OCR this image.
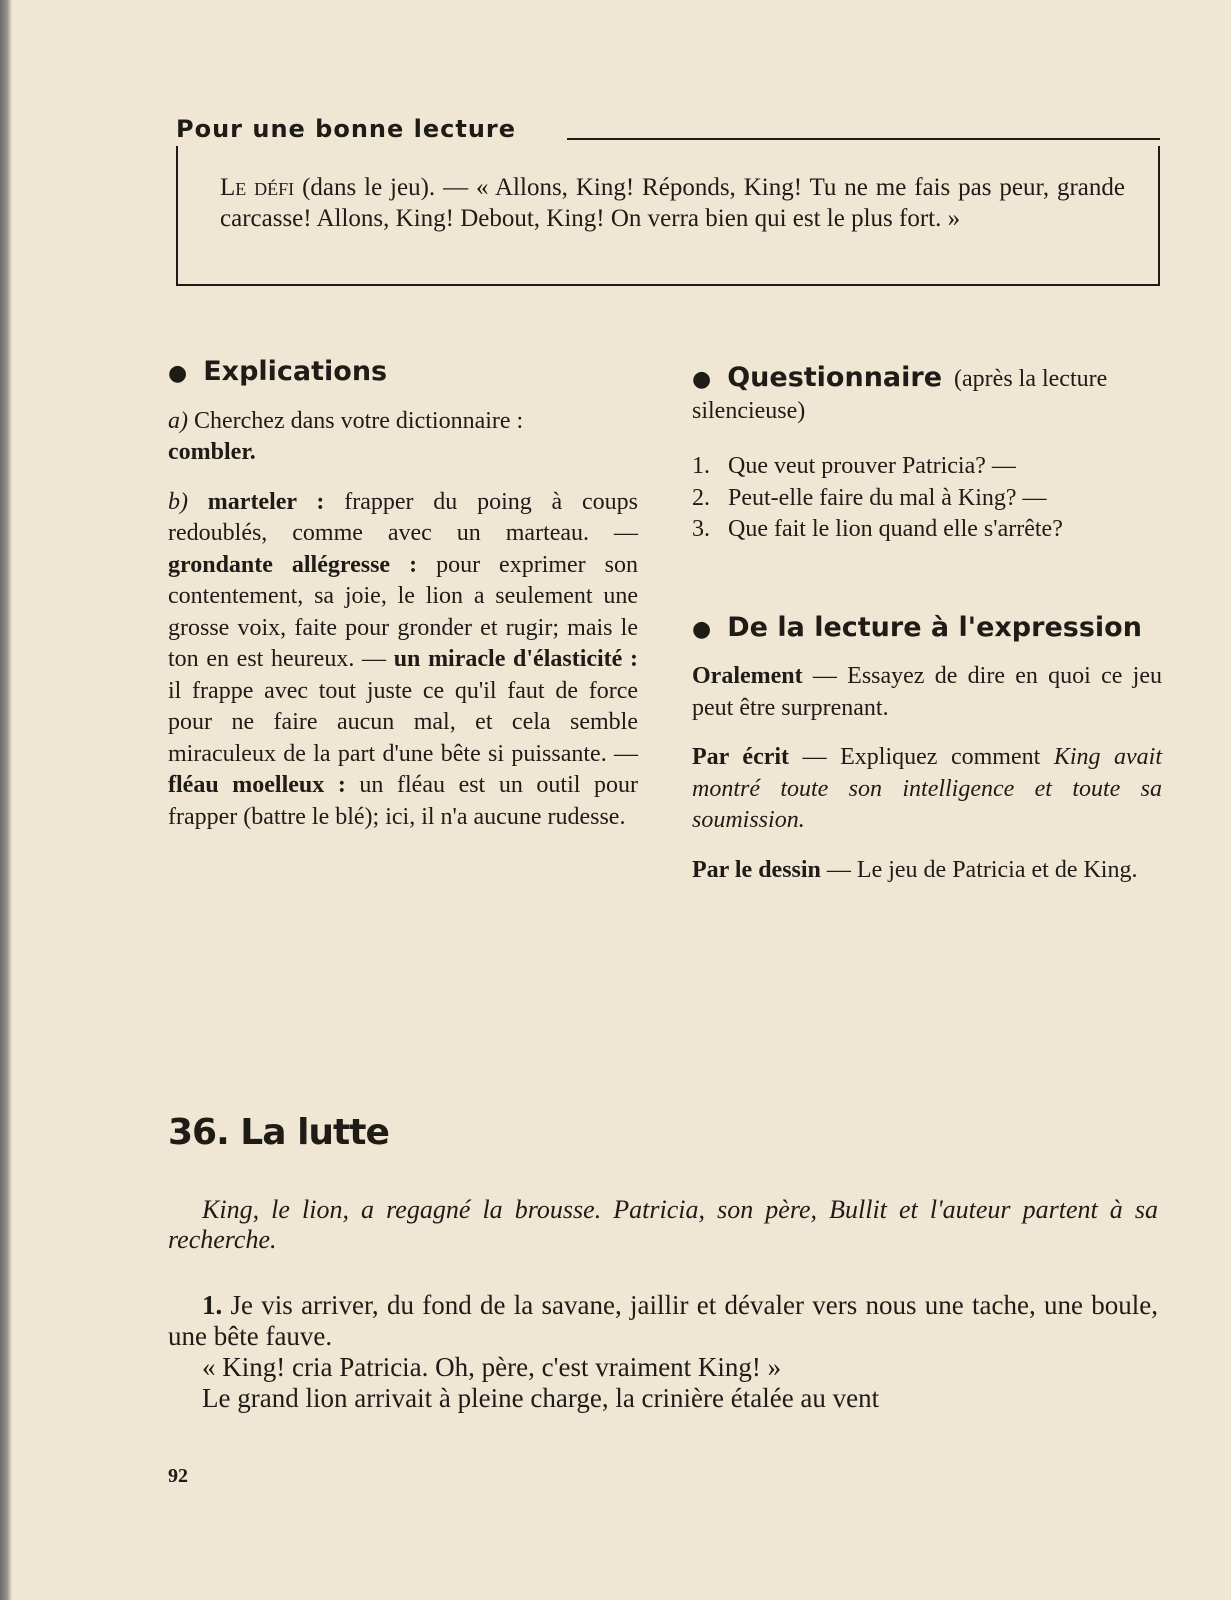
Pour une bonne lecture
Le défi (dans le jeu). — « Allons, King! Réponds, King! Tu ne me fais pas peur, grande carcasse! Allons, King! Debout, King! On verra bien qui est le plus fort. »
● Explications

a) Cherchez dans votre dictionnaire :
combler.

b) marteler : frapper du poing à coups redoublés, comme avec un marteau. — grondante allégresse : pour exprimer son contentement, sa joie, le lion a seulement une grosse voix, faite pour gronder et rugir; mais le ton en est heureux. — un miracle d'élasticité : il frappe avec tout juste ce qu'il faut de force pour ne faire aucun mal, et cela semble miraculeux de la part d'une bête si puissante. — fléau moelleux : un fléau est un outil pour frapper (battre le blé); ici, il n'a aucune rudesse.

● Questionnaire (après la lecture
silencieuse)
1. Que veut prouver Patricia? —
2. Peut-elle faire du mal à King? —
3. Que fait le lion quand elle s'arrête?
● De la lecture à l'expression

Oralement — Essayez de dire en quoi ce jeu peut être surprenant.

Par écrit — Expliquez comment King avait montré toute son intelligence et toute sa soumission.

Par le dessin — Le jeu de Patricia et de King.

36. La lutte
King, le lion, a regagné la brousse. Patricia, son père, Bullit et l'auteur partent à sa recherche.

1. Je vis arriver, du fond de la savane, jaillir et dévaler vers nous une tache, une boule, une bête fauve.

« King! cria Patricia. Oh, père, c'est vraiment King! »

Le grand lion arrivait à pleine charge, la crinière étalée au vent

92
